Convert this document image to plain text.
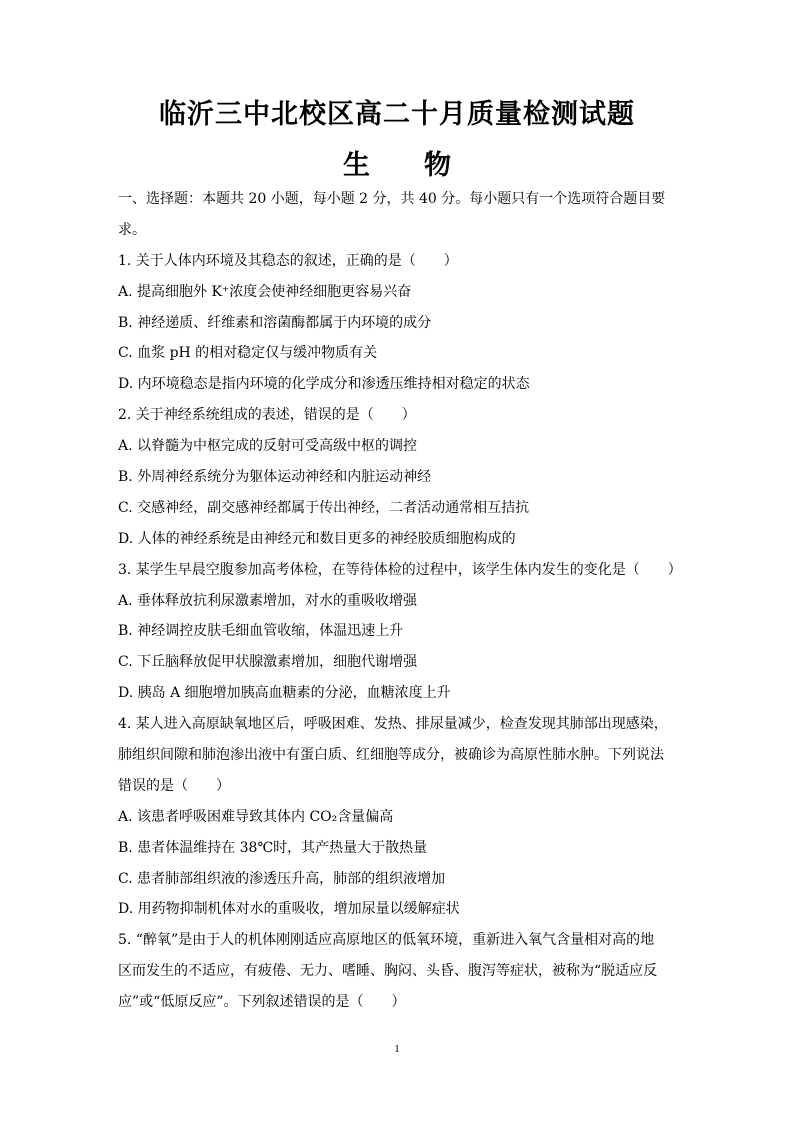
临沂三中北校区高二十月质量检测试题
生　　物
一、选择题：本题共 20 小题，每小题 2 分，共 40 分。每小题只有一个选项符合题目要
求。
1. 关于人体内环境及其稳态的叙述，正确的是（　　）
A. 提高细胞外 K⁺浓度会使神经细胞更容易兴奋
B. 神经递质、纤维素和溶菌酶都属于内环境的成分
C. 血浆 pH 的相对稳定仅与缓冲物质有关
D. 内环境稳态是指内环境的化学成分和渗透压维持相对稳定的状态
2. 关于神经系统组成的表述，错误的是（　　）
A. 以脊髓为中枢完成的反射可受高级中枢的调控
B. 外周神经系统分为躯体运动神经和内脏运动神经
C. 交感神经，副交感神经都属于传出神经，二者活动通常相互拮抗
D. 人体的神经系统是由神经元和数目更多的神经胶质细胞构成的
3. 某学生早晨空腹参加高考体检，在等待体检的过程中，该学生体内发生的变化是（　　）
A. 垂体释放抗利尿激素增加，对水的重吸收增强
B. 神经调控皮肤毛细血管收缩，体温迅速上升
C. 下丘脑释放促甲状腺激素增加，细胞代谢增强
D. 胰岛 A 细胞增加胰高血糖素的分泌，血糖浓度上升
4. 某人进入高原缺氧地区后，呼吸困难、发热、排尿量减少，检查发现其肺部出现感染，
肺组织间隙和肺泡渗出液中有蛋白质、红细胞等成分，被确诊为高原性肺水肿。下列说法
错误的是（　　）
A. 该患者呼吸困难导致其体内 CO₂含量偏高
B. 患者体温维持在 38℃时，其产热量大于散热量
C. 患者肺部组织液的渗透压升高，肺部的组织液增加
D. 用药物抑制机体对水的重吸收，增加尿量以缓解症状
5. “醉氧”是由于人的机体刚刚适应高原地区的低氧环境，重新进入氧气含量相对高的地
区而发生的不适应，有疲倦、无力、嗜睡、胸闷、头昏、腹泻等症状，被称为“脱适应反
应”或“低原反应”。下列叙述错误的是（　　）
1
